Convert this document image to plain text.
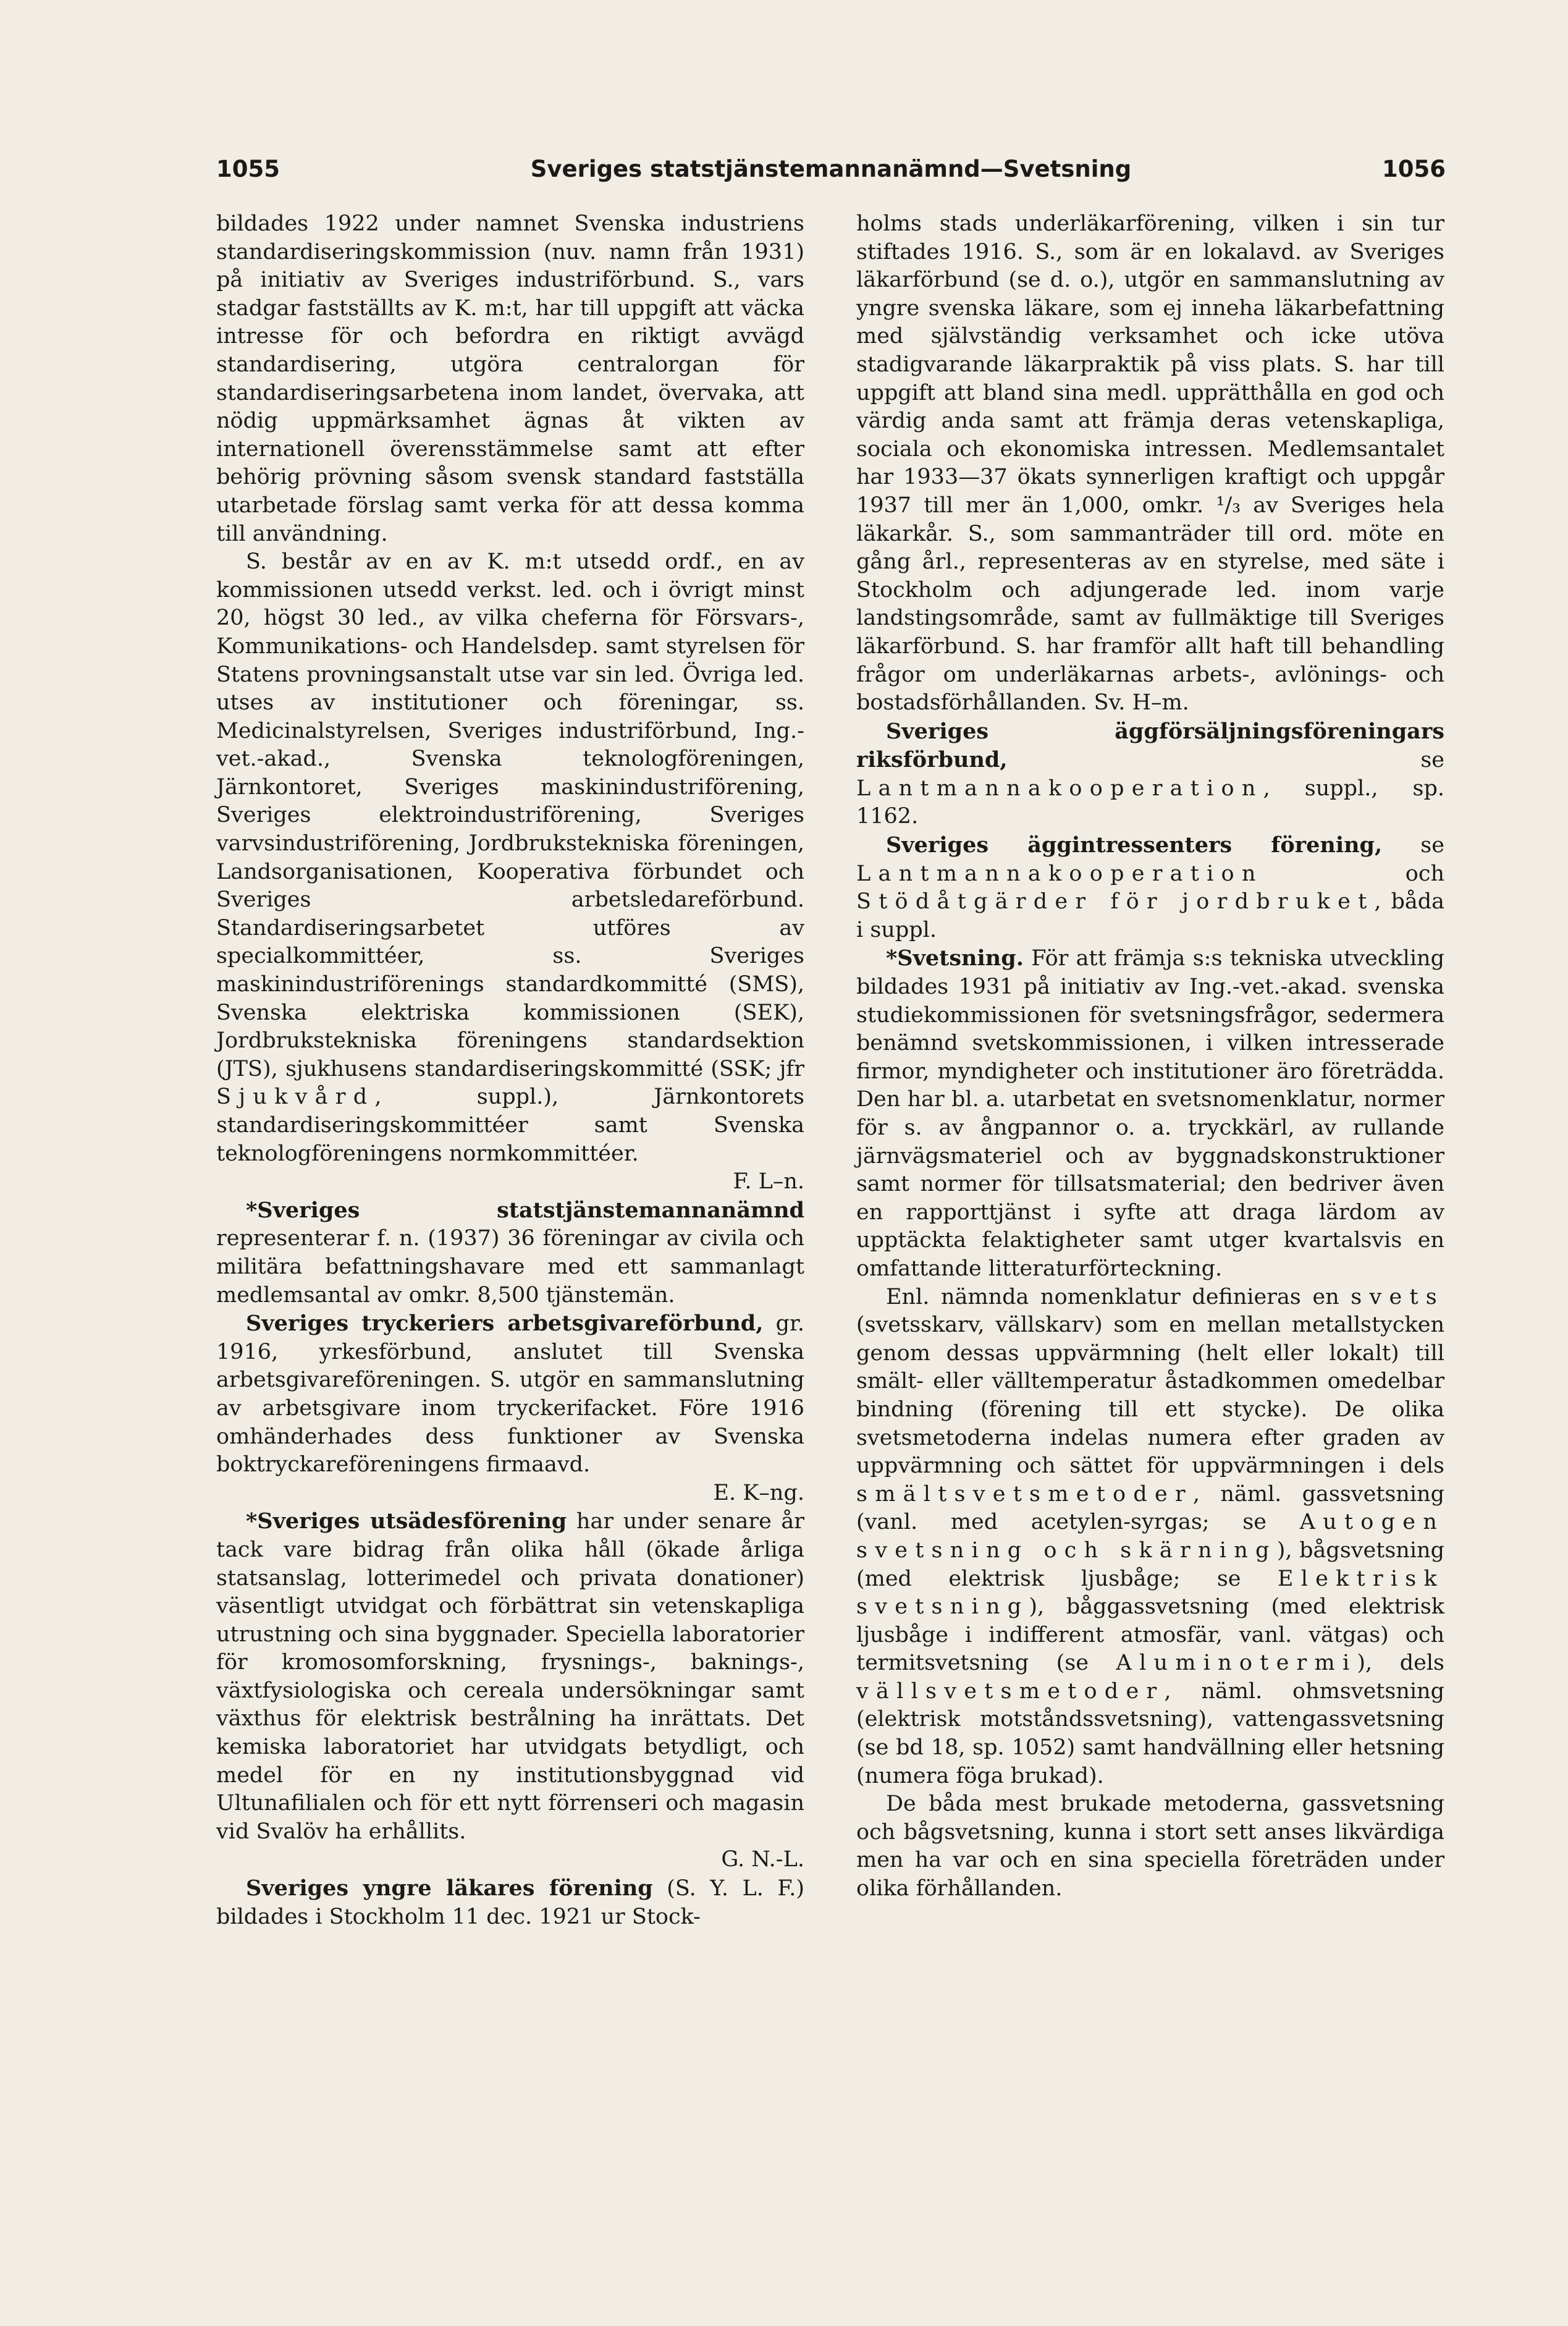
1055	Sveriges statstjänstemannanämnd—Svetsning	1056

bildades 1922 under namnet Svenska industriens standardiseringskommission (nuv. namn från 1931) på initiativ av Sveriges industriförbund. S., vars stadgar fastställts av K. m:t, har till uppgift att väcka intresse för och befordra en riktigt avvägd standardisering, utgöra centralorgan för standardiseringsarbetena inom landet, övervaka, att nödig uppmärksamhet ägnas åt vikten av internationell överensstämmelse samt att efter behörig prövning såsom svensk standard fastställa utarbetade förslag samt verka för att dessa komma till användning.

S. består av en av K. m:t utsedd ordf., en av kommissionen utsedd verkst. led. och i övrigt minst 20, högst 30 led., av vilka cheferna för Försvars-, Kommunikations- och Handelsdep. samt styrelsen för Statens provningsanstalt utse var sin led. Övriga led. utses av institutioner och föreningar, ss. Medicinalstyrelsen, Sveriges industriförbund, Ing.-vet.-akad., Svenska teknologföreningen, Järnkontoret, Sveriges maskinindustriförening, Sveriges elektroindustriförening, Sveriges varvsindustriförening, Jordbrukstekniska föreningen, Landsorganisationen, Kooperativa förbundet och Sveriges arbetsledareförbund. Standardiseringsarbetet utföres av specialkommittéer, ss. Sveriges maskinindustriförenings standardkommitté (SMS), Svenska elektriska kommissionen (SEK), Jordbrukstekniska föreningens standardsektion (JTS), sjukhusens standardiseringskommitté (SSK; jfr Sjukvård, suppl.), Järnkontorets standardiseringskommittéer samt Svenska teknologföreningens normkommittéer.

F. L–n.

*Sveriges statstjänstemannanämnd representerar f. n. (1937) 36 föreningar av civila och militära befattningshavare med ett sammanlagt medlemsantal av omkr. 8,500 tjänstemän.

Sveriges tryckeriers arbetsgivareförbund, gr. 1916, yrkesförbund, anslutet till Svenska arbetsgivareföreningen. S. utgör en sammanslutning av arbetsgivare inom tryckerifacket. Före 1916 omhänderhades dess funktioner av Svenska boktryckareföreningens firmaavd.

E. K–ng.

*Sveriges utsädesförening har under senare år tack vare bidrag från olika håll (ökade årliga statsanslag, lotterimedel och privata donationer) väsentligt utvidgat och förbättrat sin vetenskapliga utrustning och sina byggnader. Speciella laboratorier för kromosomforskning, frysnings-, baknings-, växtfysiologiska och cereala undersökningar samt växthus för elektrisk bestrålning ha inrättats. Det kemiska laboratoriet har utvidgats betydligt, och medel för en ny institutionsbyggnad vid Ultunafilialen och för ett nytt förrenseri och magasin vid Svalöv ha erhållits.

G. N.-L.

Sveriges yngre läkares förening (S. Y. L. F.) bildades i Stockholm 11 dec. 1921 ur Stock-

holms stads underläkarförening, vilken i sin tur stiftades 1916. S., som är en lokalavd. av Sveriges läkarförbund (se d. o.), utgör en sammanslutning av yngre svenska läkare, som ej inneha läkarbefattning med självständig verksamhet och icke utöva stadigvarande läkarpraktik på viss plats. S. har till uppgift att bland sina medl. upprätthålla en god och värdig anda samt att främja deras vetenskapliga, sociala och ekonomiska intressen. Medlemsantalet har 1933—37 ökats synnerligen kraftigt och uppgår 1937 till mer än 1,000, omkr. ¹/₃ av Sveriges hela läkarkår. S., som sammanträder till ord. möte en gång årl., representeras av en styrelse, med säte i Stockholm och adjungerade led. inom varje landstingsområde, samt av fullmäktige till Sveriges läkarförbund. S. har framför allt haft till behandling frågor om underläkarnas arbets-, avlönings- och bostadsförhållanden. Sv. H–m.

Sveriges äggförsäljningsföreningars riksförbund,	se Lantmannakooperation, suppl., sp. 1162.

Sveriges äggintressenters förening, se Lantmannakooperation	och Stödåtgärder för jordbruket, båda i suppl.

*Svetsning. För att främja s:s tekniska utveckling bildades 1931 på initiativ av Ing.-vet.-akad. svenska studiekommissionen för svetsningsfrågor, sedermera benämnd svetskommissionen, i vilken intresserade firmor, myndigheter och institutioner äro företrädda. Den har bl. a. utarbetat en svetsnomenklatur, normer för s. av ångpannor o. a. tryckkärl, av rullande järnvägsmateriel och av byggnadskonstruktioner samt normer för tillsatsmaterial; den bedriver även en rapporttjänst i syfte att draga lärdom av upptäckta felaktigheter samt utger kvartalsvis en omfattande litteraturförteckning.

Enl. nämnda nomenklatur definieras en svets (svetsskarv, vällskarv) som en mellan metallstycken genom dessas uppvärmning (helt eller lokalt) till smält- eller välltemperatur åstadkommen omedelbar bindning (förening till ett stycke). De olika svetsmetoderna indelas numera efter graden av uppvärmning och sättet för uppvärmningen i dels smältsvetsmetoder, näml. gassvetsning (vanl. med acetylen-syrgas; se Autogen svetsning och skärning), bågsvetsning (med elektrisk ljusbåge; se Elektrisk svetsning), båggassvetsning (med elektrisk ljusbåge i indifferent atmosfär, vanl. vätgas) och termitsvetsning (se Aluminotermi), dels vällsvetsmetoder, näml. ohmsvetsning (elektrisk motståndssvetsning), vattengassvetsning (se bd 18, sp. 1052) samt handvällning eller hetsning (numera föga brukad).

De båda mest brukade metoderna, gassvetsning och bågsvetsning, kunna i stort sett anses likvärdiga men ha var och en sina speciella företräden under olika förhållanden.
